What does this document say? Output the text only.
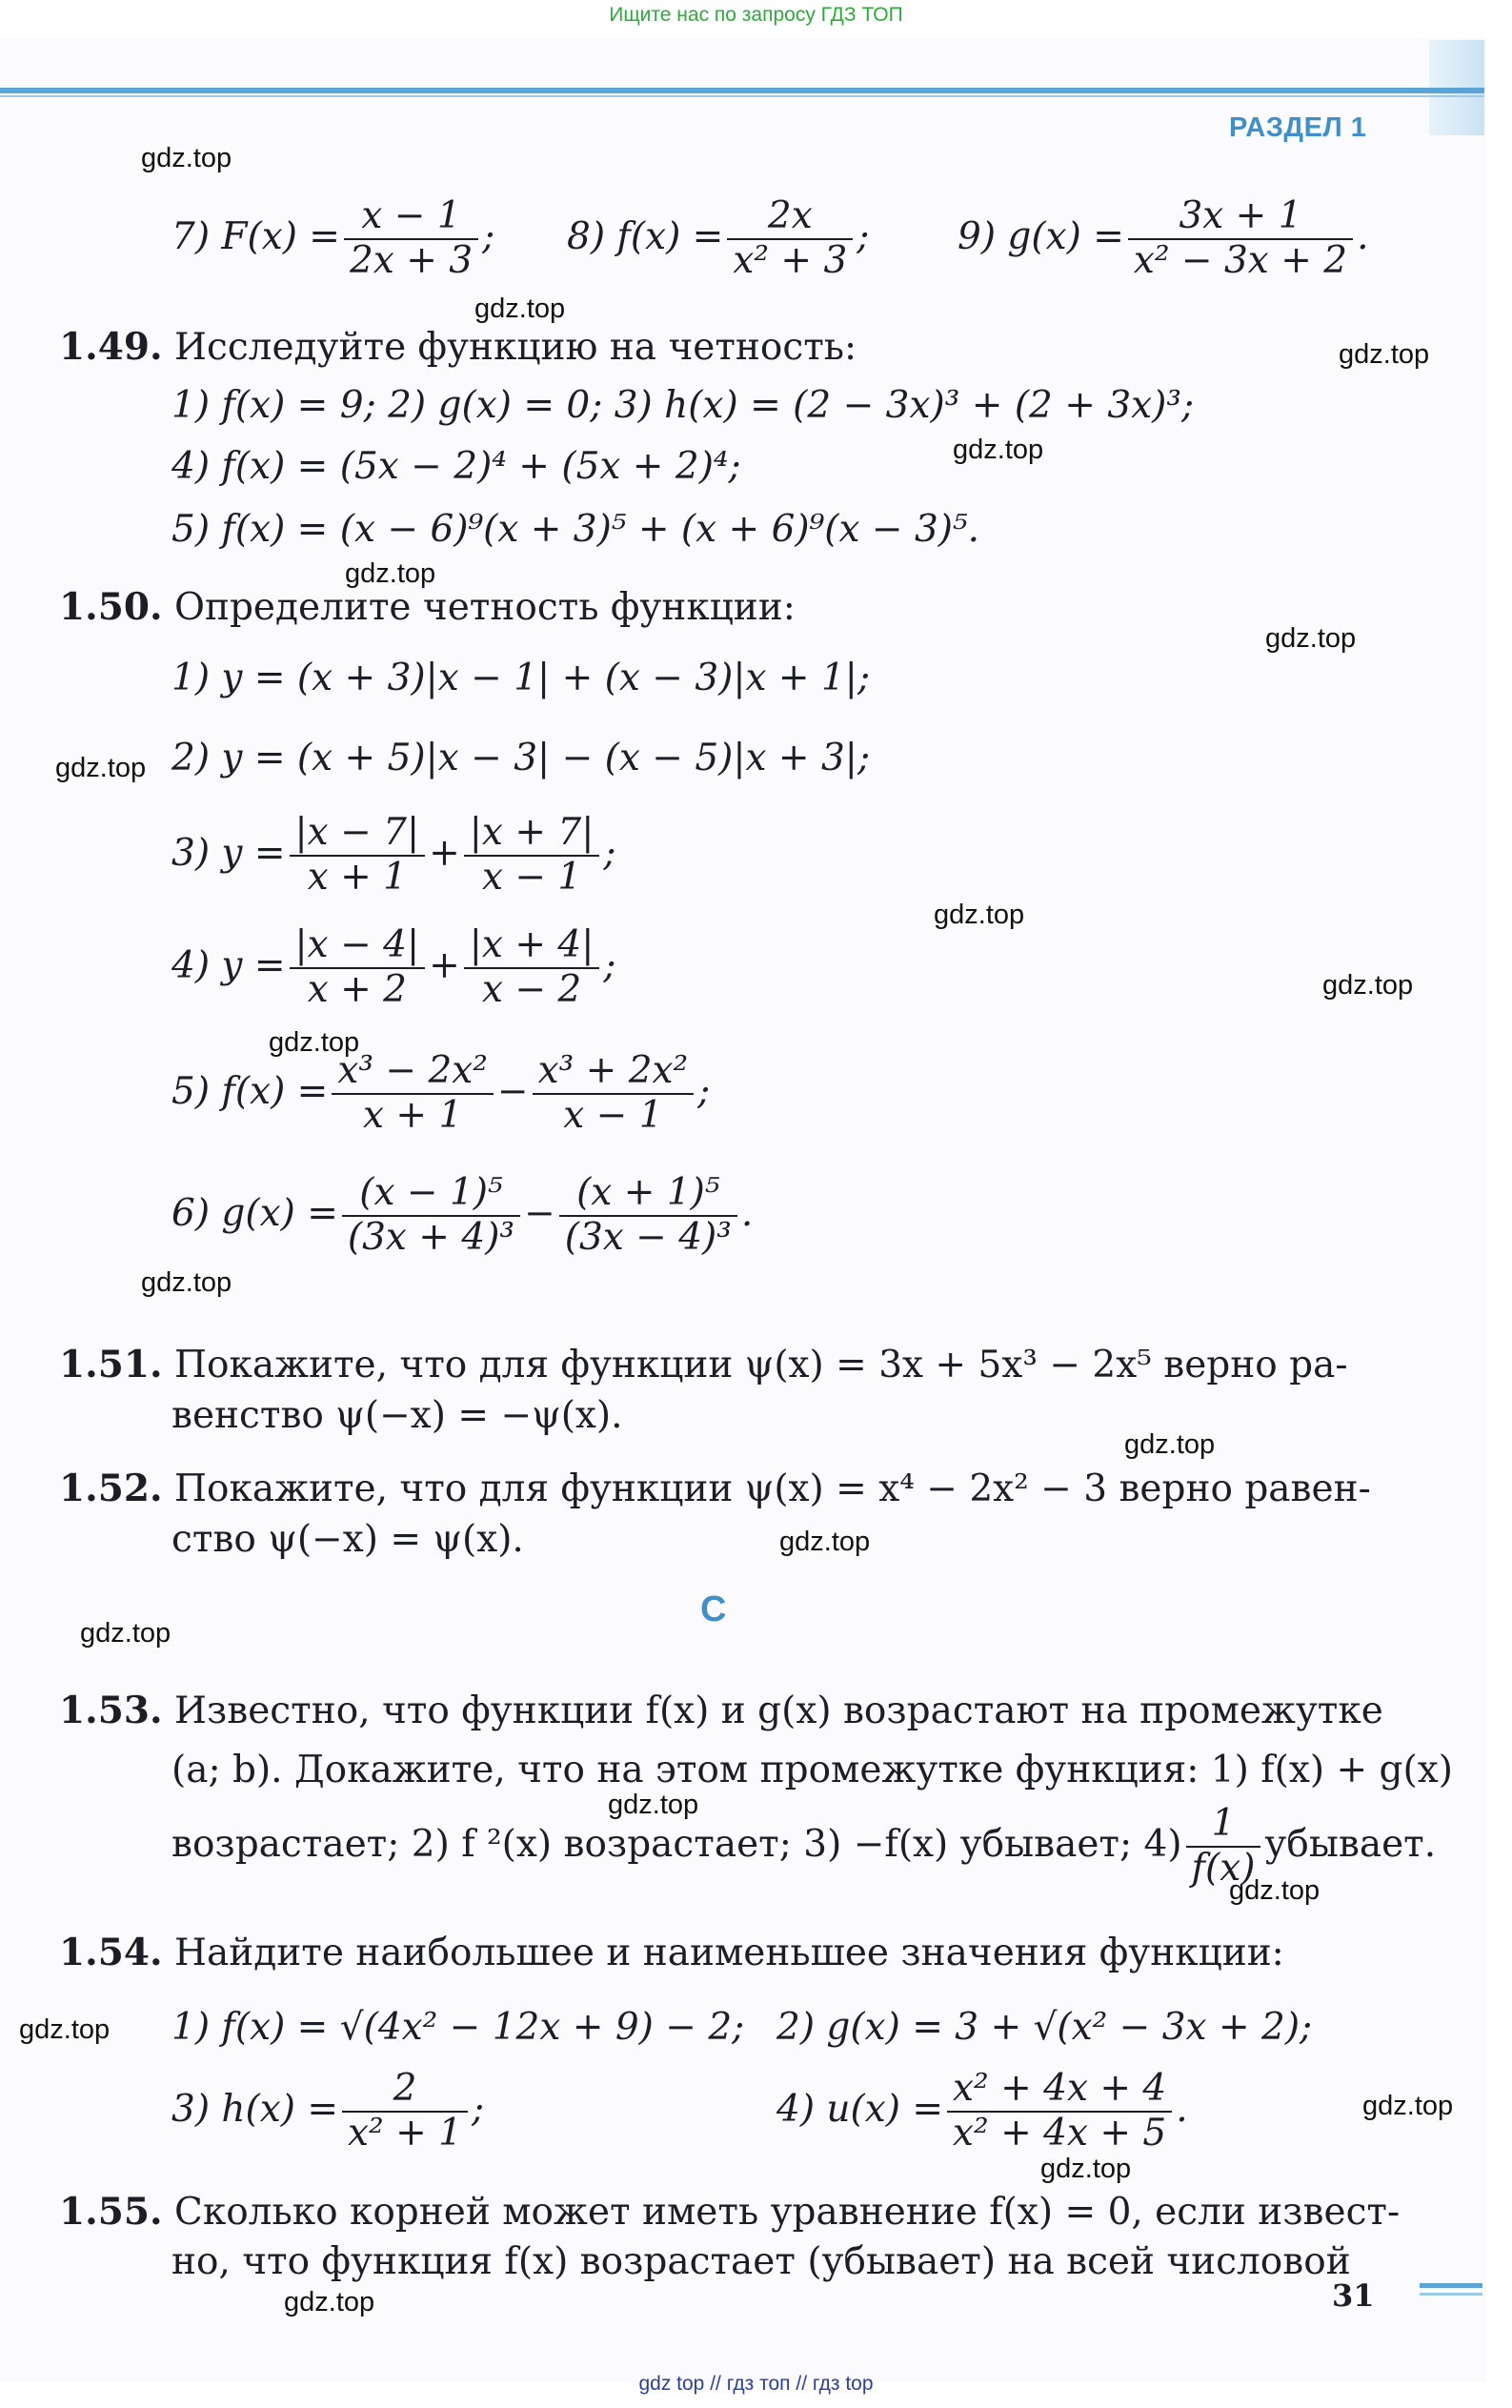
Ищите нас по запросу ГДЗ ТОП
РАЗДЕЛ 1
7) $F(x) = \frac{x - 1}{2x + 3}$ ; 8) $f(x) = \frac{2x}{\text{x² + 3}}$ ; 9) $g(x) = \frac{3x + 1}{\text{x² − 3x + 2}}$ .
1.49. Исследуйте функцию на четность:
1) f(x) = 9; 2) g(x) = 0; 3) h(x) = (2 − 3x)³ + (2 + 3x)³;
4) f(x) = (5x − 2)⁴ + (5x + 2)⁴;
5) f(x) = (x − 6)⁹(x + 3)⁵ + (x + 6)⁹(x − 3)⁵.
1.50. Определите четность функции:
1) y = (x + 3)|x − 1| + (x − 3)|x + 1|;
2) y = (x + 5)|x − 3| − (x − 5)|x + 3|;
3) $y = \frac{|x - 7|}{x + 1} + \frac{|x + 7|}{x - 1}$ ;
4) $y = \frac{|x - 4|}{x + 2} + \frac{|x + 4|}{x - 2}$ ;
5) $f(x) = \frac{\text{x³ − 2x²}}{x + 1} - \frac{\text{x³ + 2x²}}{x - 1}$ ;
6) $g(x) = \frac{\text{(x − 1)⁵}}{\text{(3x + 4)³}} - \frac{\text{(x + 1)⁵}}{\text{(3x − 4)³}}$ .
1.51. Покажите, что для функции ψ(x) = 3x + 5x³ − 2x⁵ верно ра-
венство ψ(−x) = −ψ(x).
1.52. Покажите, что для функции ψ(x) = x⁴ − 2x² − 3 верно равен-
ство ψ(−x) = ψ(x).
C
1.53. Известно, что функции f(x) и g(x) возрастают на промежутке
(a; b). Докажите, что на этом промежутке функция: 1) f(x) + g(x)
возрастает; 2) f ²(x) возрастает; 3) −f(x) убывает; $4) \frac{1}{f(x)}$ убывает.
1.54. Найдите наибольшее и наименьшее значения функции:
1) f(x) = √(4x² − 12x + 9) − 2; 2) g(x) = 3 + √(x² − 3x + 2);
3) $h(x) = \frac{2}{\text{x² + 1}}$ ;	4) $u(x) = \frac{\text{x² + 4x + 4}}{\text{x² + 4x + 5}}$ .
1.55. Сколько корней может иметь уравнение f(x) = 0, если извест-
но, что функция f(x) возрастает (убывает) на всей числовой
gdz.top
gdz.top
gdz.top
gdz.top
gdz.top
gdz.top
gdz.top
gdz.top
gdz.top
gdz.top
gdz.top
gdz.top
gdz.top
gdz.top
gdz.top
gdz.top
gdz.top
gdz.top
gdz.top
gdz.top	31
gdz top // гдз топ // гдз top
